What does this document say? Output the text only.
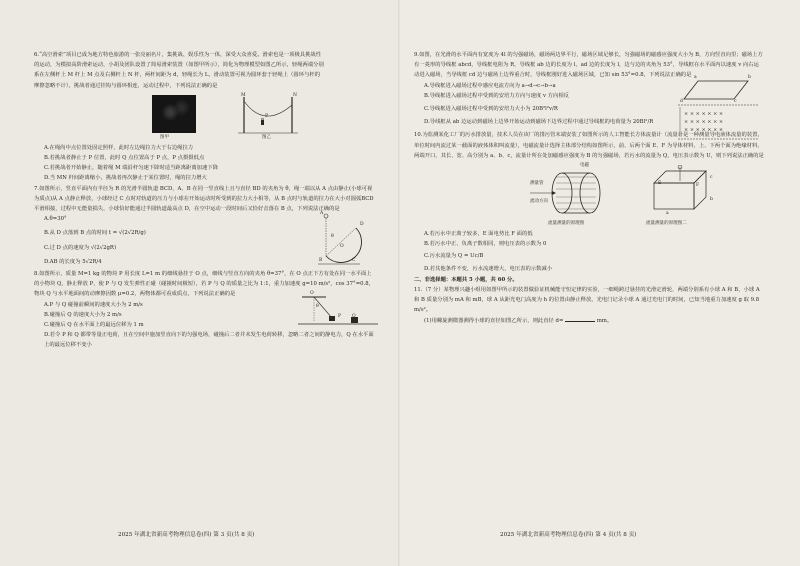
6.“高空滑索”项目已成为地方特色旅游的一张亮丽名片，集挑战、娱乐性为一体，深受大众喜爱。滑索也是一项极具挑战性的运动，为模拟高阶滑索运动，小胡及团队设置了简易滑索装置（如图甲所示），简化为物理模型如图乙所示，轻绳两端分别系在左侧杆上 M 杆上 M 点及右侧杆上 N 杆，两杆间距为 d，轻绳长为 L，滑动装置可视为圆环套于轻绳上（圆环与杆的摩擦忽略不计），挑战者通过挂钩与圆环相连，运动过程中，下列说法正确的是

图甲
M	N
P
图乙

A.在绳尚中点位置处固定照样，此时左边绳拉力大于右边绳拉力

B.若挑战者静止于 P 位置，此时 Q 点位置高于 P 点，P 点摄摄低点

C.若挑战者开始静止，随着绳 M 端沿杆匀速下降时适当距离距离加速下降

D.当 MN 杆间距离缩小，挑战者再次静止于某位置时，绳的拉力增大

7.如图所示，竖直平面内有半径为 R 的光滑半圆轨道 BCD，A、B 在同一竖直线上且与直径 BD 的夹角为 θ，绳一端以从 A 点由静止(小球可视为质点)从 A 点静止释放，小球经过 C 点时对轨道的压力与小球在开始运动时所受到的拉力大小相等，从 B 点时与轨道的拉力在大小对圆弧BCD平滑相接，过程中无能量损失，小球恰好能通过半圆轨道最高点 D，在空中运动一段时间后又恰好击落在 B 点，下列说法正确的是

A.θ=30°

B.从 D 点落到 B 点的时间 t = √(2√2R/g)

C.过 D 点的速度为 √(2√2gR)

D.AB 的长度为 5√2R/4

A
D
O
C
B
θ

8.如图所示，质量 M=1 kg 的物块 P 用长度 L=1 m 的细线悬挂于 O 点，细线与竖直方向的夹角 θ=37°，在 O 点正下方有处在同一水平面上的小物块 Q，静止释放 P，使 P 与 Q 发生弹性正碰（碰撞时间极短），若 P 与 Q 的质量之比为 1:1，重力加速度 g=10 m/s²，cos 37°=0.8，物块 Q 与水平地面间的动摩擦因数 μ=0.2，两物体都可看成质点，下列说法正确的是

A.P 与 Q 碰撞前瞬间的速度大小为 2 m/s

B.碰撞后 Q 的速度大小为 2 m/s

C.碰撞后 Q 在水平面上的最远位移为 1 m

D.若令 P 和 Q 都带等量正电荷，且在空间中施加竖直向下的匀强电场，碰撞后二者并未发生电荷转移，忽略二者之间的静电力，Q 在水平面上的最远位移不变小

O
θ
P Q
2025 年湖北省新高考物理信息卷(四) 第 3 页(共 8 页)

9.如图，在光滑的水平面内有宽度为 4l 的匀强磁场，磁场两边界平行，磁场区域足够长，匀强磁场的磁感应强度大小为 B，方向竖直向里；磁场上方有一菱形的导线框 abcd，导线框电阻为 R，导线框 ab 边的长度为 l，ad 边的长度为 l，边与边的夹角为 53°，导线框在水平面内以速度 v 向右运动进入磁场，当导线框 cd 边与磁场上边界重合时，导线框刚好进入磁场区域，已知 sin 53°=0.8，下列说法正确的是

A.导线框进入磁场过程中感应电流方向为 a→d→c→b→a

B.导线框进入磁场过程中受到的安培力方向与速度 v 方向相反

C.导线框进入磁场过程中受到的安培力大小为 20B²l²v/R

D.导线框从 ab 边运动到磁场上边界开始运动到磁场下边界过程中通过导线框的电荷量为 20Bl²/R

× × × × × × ×
× × × × × × ×
× × × × × × ×
a	b
d	c

10.为监测某化工厂的污水排放量，技术人员在该厂的排污管末端安装了如图所示的人工智能长方体流量计（流量计是一种测量导电液体流量的装置，单位时间内流过某一截面的液体体积叫流量），电磁流量计选择主体部分结构如图所示，前、后两个面 E、F 为导体材料，上、下两个面为绝缘材料，两端开口，其长、宽、高分别为 a、b、c，流量计所在处加磁感应强度为 B 的匀强磁场，若污水的流量为 Q，电压表示数为 U，则下列说法正确的是

电磁
流动方向
测量管
流量测量的原理图
E	F
a
b
c
流量测量的原理图二

A.若污水中正离子较多，E 面电势比 F 面的低

B.若污水中正、负离子数相同，则电压表的示数为 0

C.污水流量为 Q = Uc/B

D.若其他条件不变，污水流速增大，电压表的示数减小

二、非选择题：本题共 5 小题，共 60 分。

11.（7 分）某物理兴趣小组用如图甲所示的装置做验证机械能守恒定律的实验，一细绳跨过悬挂的光滑定滑轮，两端分别系有小球 A 和 B，小球 A 和 B 质量分别为 mA 和 mB，球 A 从距光电门高度为 h 的位置由静止释放，光电门记录小球 A 通过光电门的时间，已知当地重力加速度 g 取 9.8 m/s²。

(1)用螺旋测微器测得小球的直径如图乙所示，则此直径 d=	mm。

2025 年湖北省新高考物理信息卷(四) 第 4 页(共 8 页)
